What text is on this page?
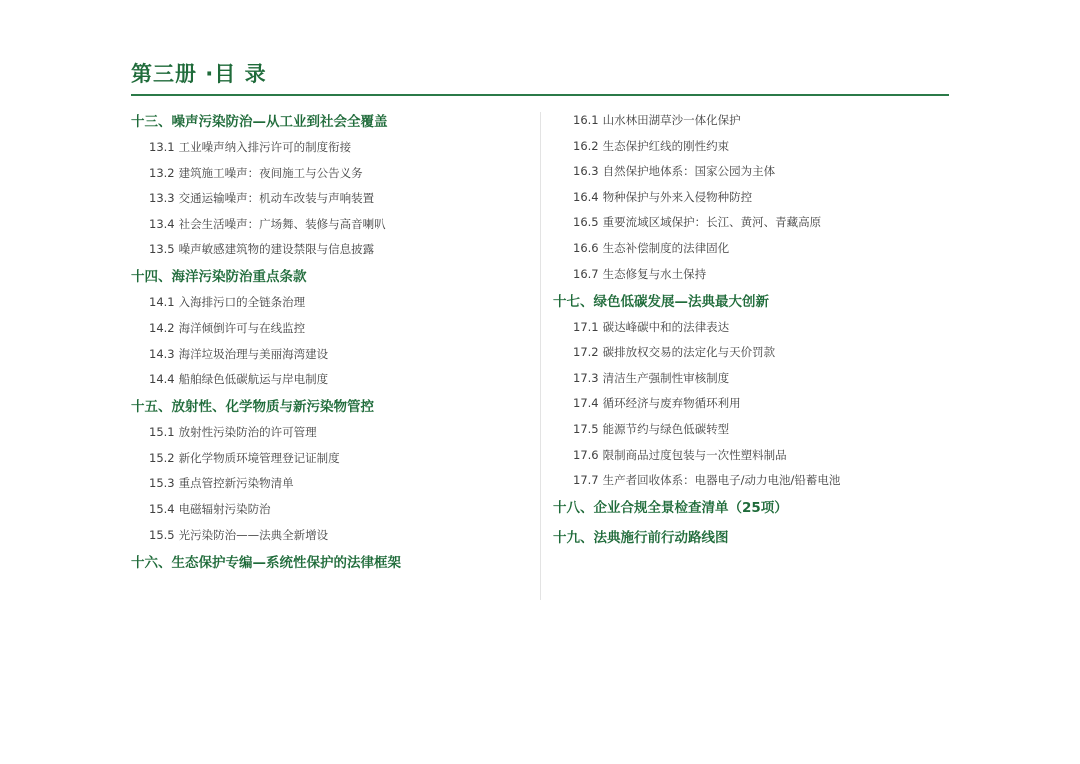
第三册 ·目 录
十三、噪声污染防治—从工业到社会全覆盖
13.1 工业噪声纳入排污许可的制度衔接
13.2 建筑施工噪声：夜间施工与公告义务
13.3 交通运输噪声：机动车改装与声响装置
13.4 社会生活噪声：广场舞、装修与高音喇叭
13.5 噪声敏感建筑物的建设禁限与信息披露
十四、海洋污染防治重点条款
14.1 入海排污口的全链条治理
14.2 海洋倾倒许可与在线监控
14.3 海洋垃圾治理与美丽海湾建设
14.4 船舶绿色低碳航运与岸电制度
十五、放射性、化学物质与新污染物管控
15.1 放射性污染防治的许可管理
15.2 新化学物质环境管理登记证制度
15.3 重点管控新污染物清单
15.4 电磁辐射污染防治
15.5 光污染防治——法典全新增设
十六、生态保护专编—系统性保护的法律框架
16.1 山水林田湖草沙一体化保护
16.2 生态保护红线的刚性约束
16.3 自然保护地体系：国家公园为主体
16.4 物种保护与外来入侵物种防控
16.5 重要流域区域保护：长江、黄河、青藏高原
16.6 生态补偿制度的法律固化
16.7 生态修复与水土保持
十七、绿色低碳发展—法典最大创新
17.1 碳达峰碳中和的法律表达
17.2 碳排放权交易的法定化与天价罚款
17.3 清洁生产强制性审核制度
17.4 循环经济与废弃物循环利用
17.5 能源节约与绿色低碳转型
17.6 限制商品过度包装与一次性塑料制品
17.7 生产者回收体系：电器电子/动力电池/铅蓄电池
十八、企业合规全景检查清单（25项）
十九、法典施行前行动路线图
